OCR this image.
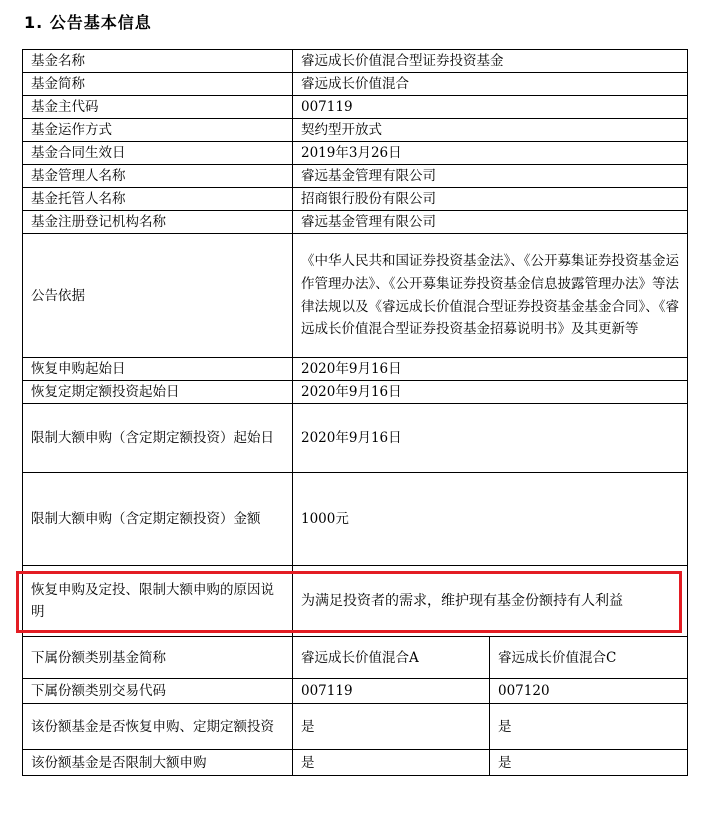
1. 公告基本信息
基金名称	睿远成长价值混合型证券投资基金	
基金简称	睿远成长价值混合	
基金主代码	007119	
基金运作方式	契约型开放式	
基金合同生效日	2019年3月26日	
基金管理人名称	睿远基金管理有限公司	
基金托管人名称	招商银行股份有限公司	
基金注册登记机构名称	睿远基金管理有限公司	
公告依据	《中华人民共和国证券投资基金法》、《公开募集证券投资基金运作管理办法》、《公开募集证券投资基金信息披露管理办法》等法律法规以及《睿远成长价值混合型证券投资基金基金合同》、《睿远成长价值混合型证券投资基金招募说明书》及其更新等	
恢复申购起始日	2020年9月16日	
恢复定期定额投资起始日	2020年9月16日	
限制大额申购（含定期定额投资）起始日	2020年9月16日	
限制大额申购（含定期定额投资）金额	1000元	
恢复申购及定投、限制大额申购的原因说明	为满足投资者的需求，维护现有基金份额持有人利益	
下属份额类别基金简称	睿远成长价值混合A	睿远成长价值混合C
下属份额类别交易代码	007119	007120
该份额基金是否恢复申购、定期定额投资	是	是
该份额基金是否限制大额申购	是	是
